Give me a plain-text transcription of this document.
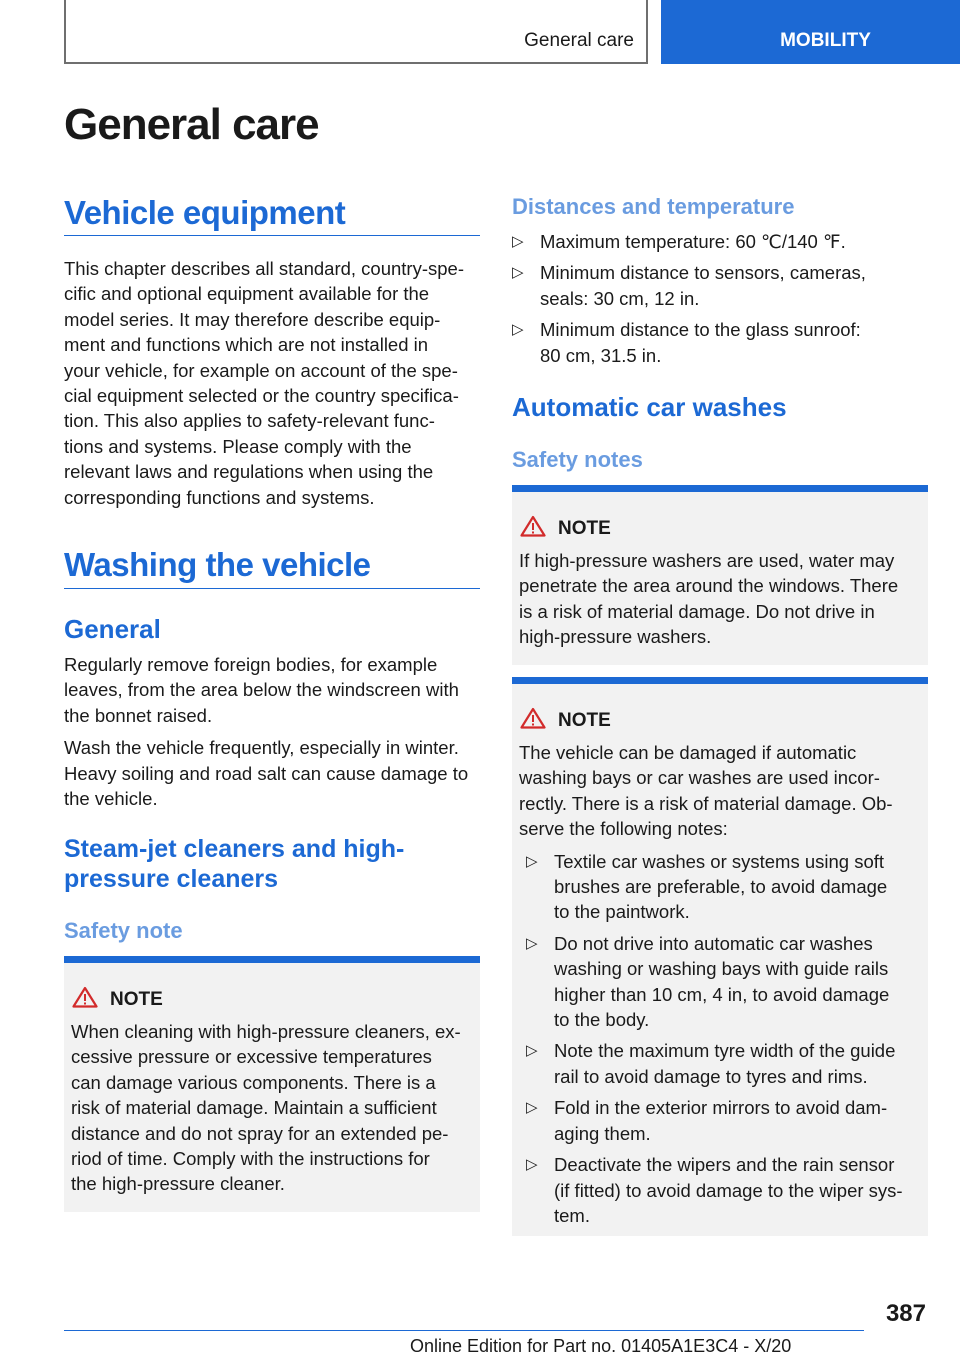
General care	MOBILITY
General care
Vehicle equipment

This chapter describes all standard, country-spe-

cific and optional equipment available for the

model series. It may therefore describe equip-

ment and functions which are not installed in

your vehicle, for example on account of the spe-

cial equipment selected or the country specifica-

tion. This also applies to safety-relevant func-

tions and systems. Please comply with the

relevant laws and regulations when using the

corresponding functions and systems.

Washing the vehicle
General

Regularly remove foreign bodies, for example

leaves, from the area below the windscreen with

the bonnet raised.

Wash the vehicle frequently, especially in winter.

Heavy soiling and road salt can cause damage to

the vehicle.

Steam-jet cleaners and high-
pressure cleaners
Safety note
NOTE
When cleaning with high-pressure cleaners, ex-
cessive pressure or excessive temperatures
can damage various components. There is a
risk of material damage. Maintain a sufficient
distance and do not spray for an extended pe-
riod of time. Comply with the instructions for
the high-pressure cleaner.
Distances and temperature
▷ Maximum temperature: 60 ℃/140 ℉.
▷ Minimum distance to sensors, cameras,
seals: 30 cm, 12 in.
▷ Minimum distance to the glass sunroof:
80 cm, 31.5 in.
Automatic car washes
Safety notes
NOTE
If high-pressure washers are used, water may
penetrate the area around the windows. There
is a risk of material damage. Do not drive in
high-pressure washers.
NOTE
The vehicle can be damaged if automatic
washing bays or car washes are used incor-
rectly. There is a risk of material damage. Ob-
serve the following notes:
▷ Textile car washes or systems using soft
brushes are preferable, to avoid damage
to the paintwork.
▷ Do not drive into automatic car washes
washing or washing bays with guide rails
higher than 10 cm, 4 in, to avoid damage
to the body.
▷ Note the maximum tyre width of the guide
rail to avoid damage to tyres and rims.
▷ Fold in the exterior mirrors to avoid dam-
aging them.
▷ Deactivate the wipers and the rain sensor
(if fitted) to avoid damage to the wiper sys-
tem.
387
Online Edition for Part no. 01405A1E3C4 - X/20
